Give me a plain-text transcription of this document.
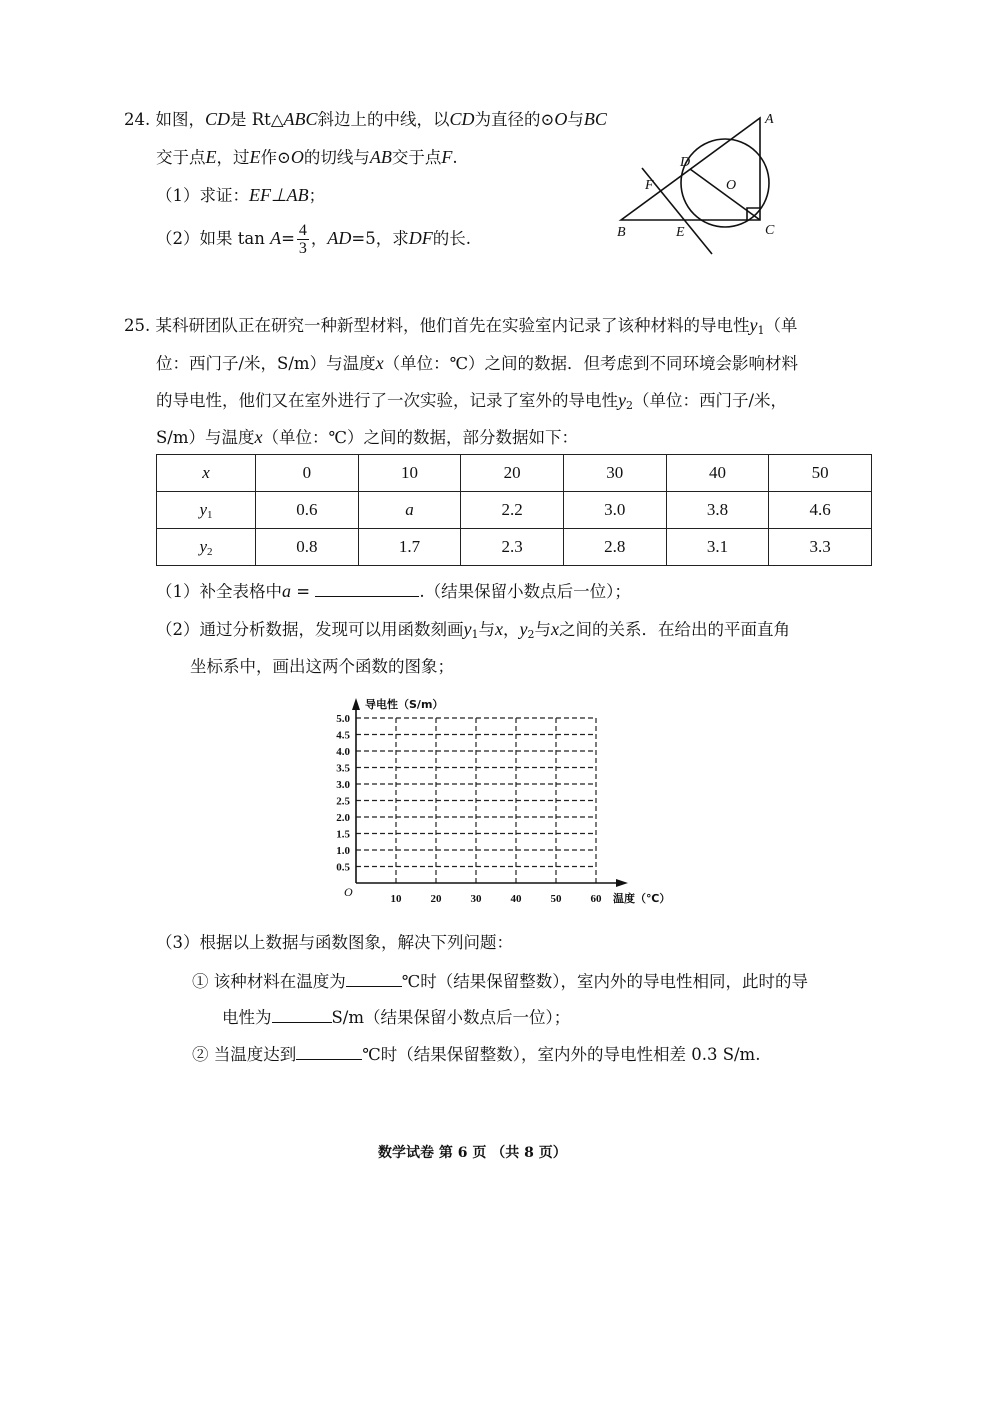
24. 如图，CD是 Rt△ABC斜边上的中线，以CD为直径的⊙O与BC
交于点E，过E作⊙O的切线与AB交于点F.
（1）求证：EF⊥AB；
（2）如果 $\tan A= \frac{4}{3}$ ，AD=5，求DF的长.
A
B	C
D
E
F	O
25. 某科研团队正在研究一种新型材料，他们首先在实验室内记录了该种材料的导电性$y_1$（单
位：西门子/米，S/m）与温度x（单位：℃）之间的数据．但考虑到不同环境会影响材料
的导电性，他们又在室外进行了一次实验，记录了室外的导电性$y_2$（单位：西门子/米，
S/m）与温度x（单位：℃）之间的数据，部分数据如下：
x	0	10	20	30	40	50
$y_1$	0.6	a	2.2	3.0	3.8	4.6
$y_2$	0.8	1.7	2.3	2.8	3.1	3.3
（1）补全表格中a =	.（结果保留小数点后一位）；
（2）通过分析数据，发现可以用函数刻画$y_1$与x，$y_2$与x之间的关系．在给出的平面直角
坐标系中，画出这两个函数的图象；
导电性（S/m）
温度（℃）
O
0.5
1.0
1.5
2.0
2.5
3.0
3.5
4.0
4.5
5.0
10	20	30	40	50	60
（3）根据以上数据与函数图象，解决下列问题：
① 该种材料在温度为	℃时（结果保留整数），室内外的导电性相同，此时的导
电性为	S/m（结果保留小数点后一位）；
② 当温度达到	℃时（结果保留整数），室内外的导电性相差 0.3 S/m.
数学试卷 第 6 页 （共 8 页）
